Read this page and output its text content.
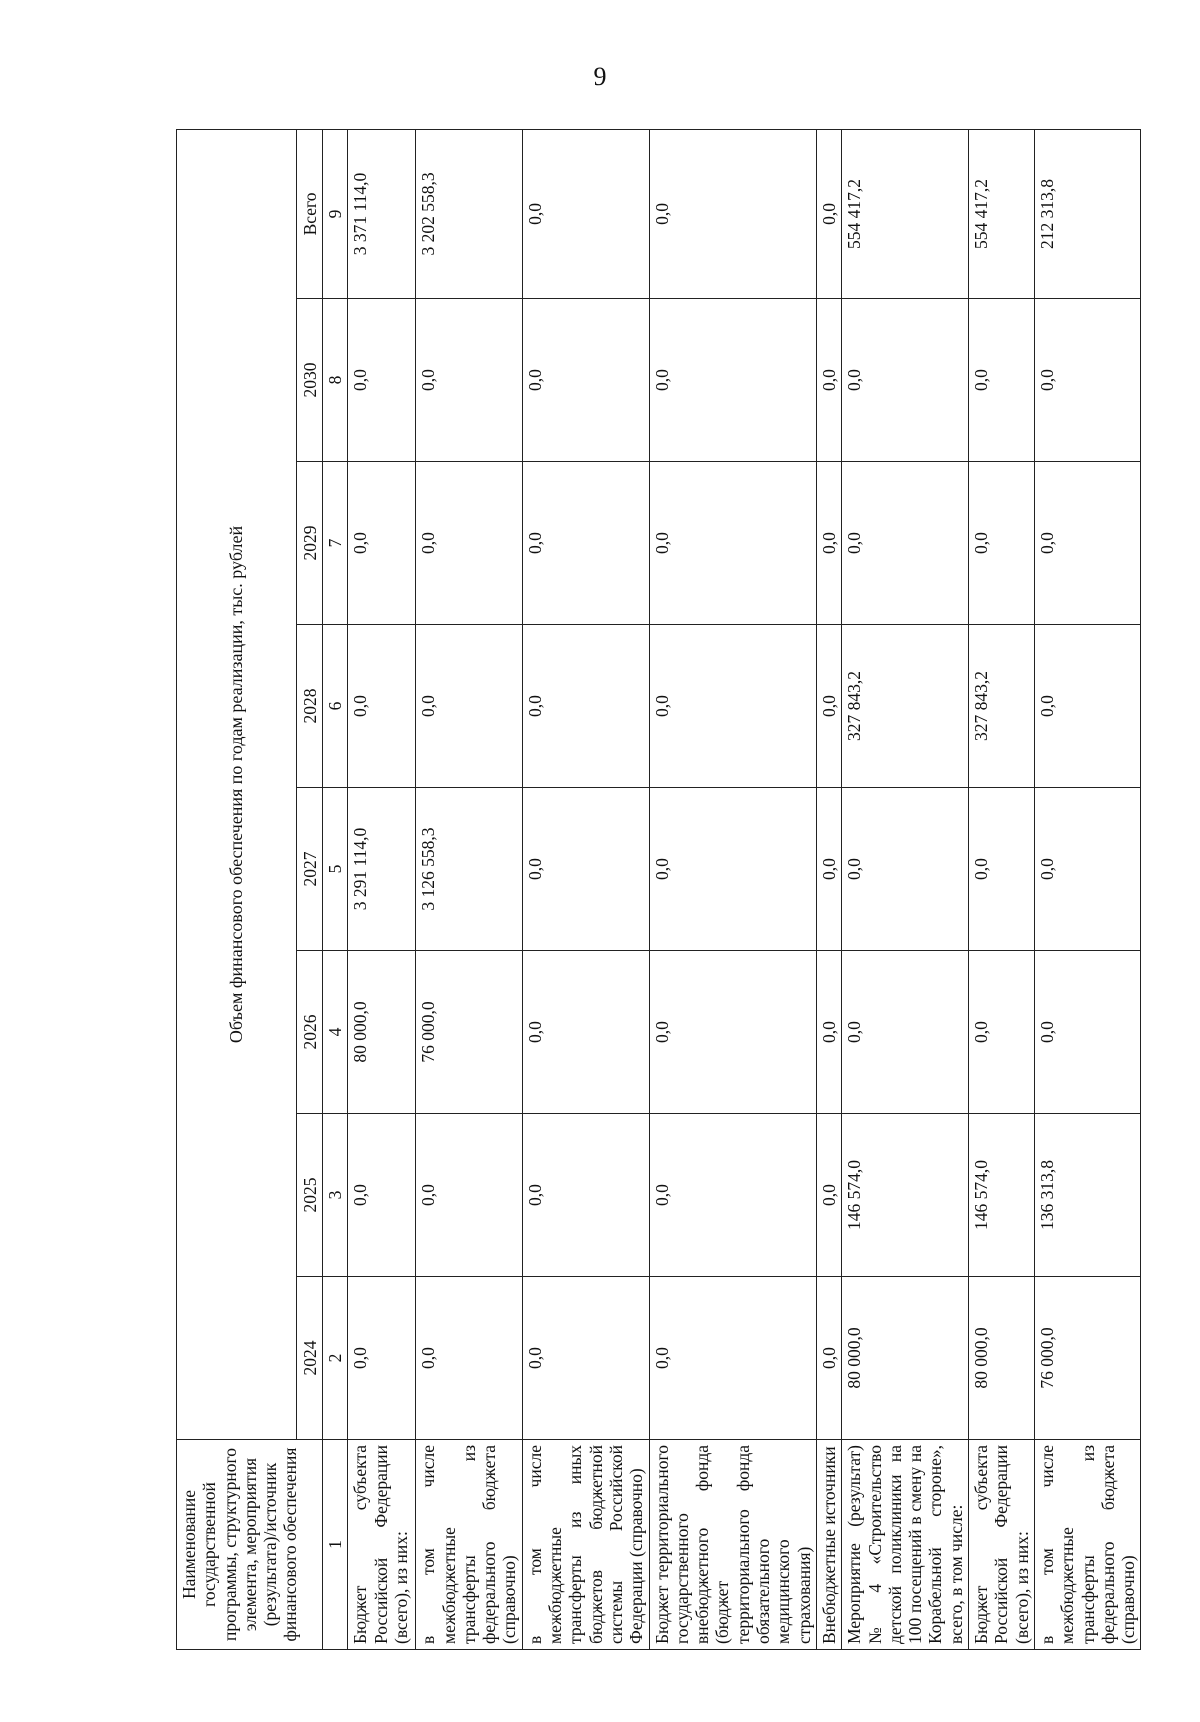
9
Наименование государственной программы, структурного элемента, мероприятия (результата)/источник финансового обеспечения	Объем финансового обеспечения по годам реализации, тыс. рублей							
	2024	2025	2026	2027	2028	2029	2030	Всего
1	2	3	4	5	6	7	8	9
Бюджет субъекта Российской Федерации (всего), из них:	0,0	0,0	80 000,0	3 291 114,0	0,0	0,0	0,0	3 371 114,0
в том числе межбюджетные трансферты из федерального бюджета (справочно)	0,0	0,0	76 000,0	3 126 558,3	0,0	0,0	0,0	3 202 558,3
в том числе межбюджетные трансферты из иных бюджетов бюджетной системы Российской Федерации (справочно)	0,0	0,0	0,0	0,0	0,0	0,0	0,0	0,0
Бюджет территориального государственного внебюджетного фонда (бюджет территориального фонда обязательного медицинского страхования)	0,0	0,0	0,0	0,0	0,0	0,0	0,0	0,0
Внебюджетные источники	0,0	0,0	0,0	0,0	0,0	0,0	0,0	0,0
Мероприятие (результат) № 4 «Строительство детской поликлиники на 100 посещений в смену на Корабельной стороне», всего, в том числе:	80 000,0	146 574,0	0,0	0,0	327 843,2	0,0	0,0	554 417,2
Бюджет субъекта Российской Федерации (всего), из них:	80 000,0	146 574,0	0,0	0,0	327 843,2	0,0	0,0	554 417,2
в том числе межбюджетные трансферты из федерального бюджета (справочно)	76 000,0	136 313,8	0,0	0,0	0,0	0,0	0,0	212 313,8
